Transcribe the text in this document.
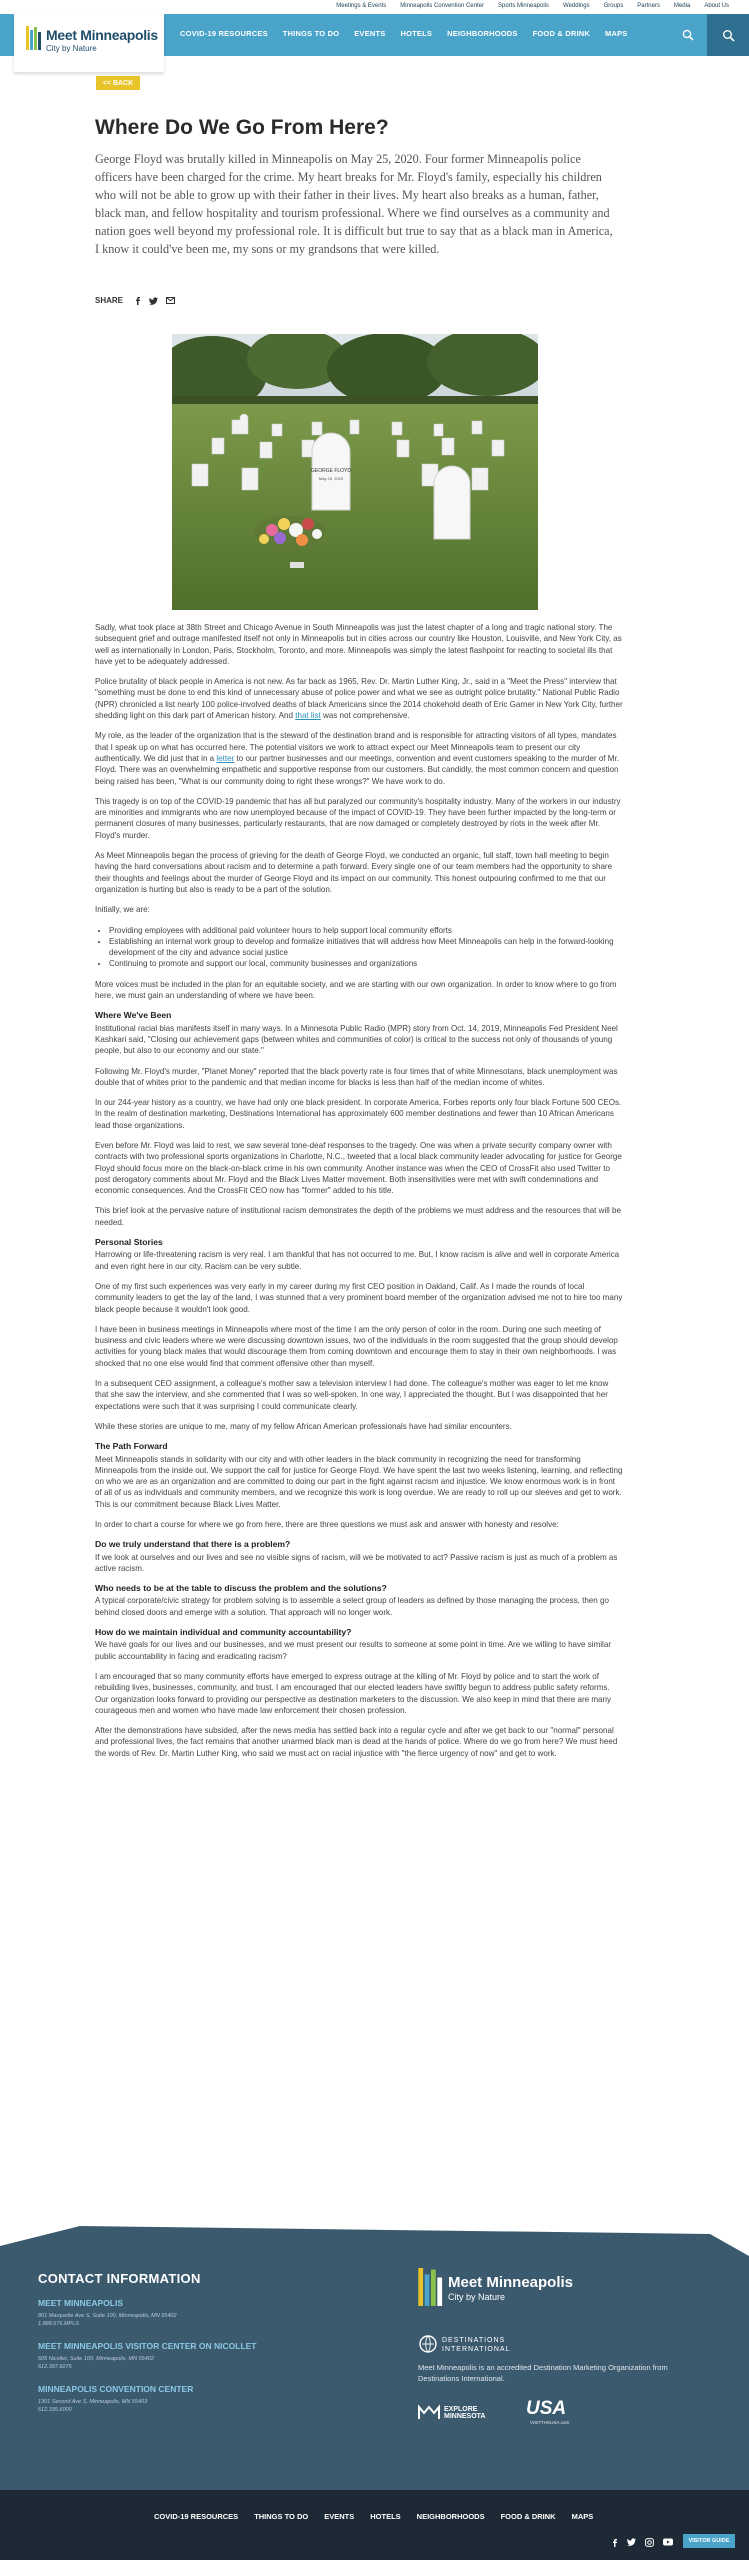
Meetings & Events Minneapolis Convention Center Sports Minneapolis Weddings Groups Partners Media About Us
Meet Minneapolis
City by Nature
COVID-19 RESOURCES THINGS TO DO EVENTS HOTELS NEIGHBORHOODS FOOD & DRINK MAPS
<< BACK
Where Do We Go From Here?

George Floyd was brutally killed in Minneapolis on May 25, 2020. Four former Minneapolis police officers have been charged for the crime. My heart breaks for Mr. Floyd's family, especially his children who will not be able to grow up with their father in their lives. My heart also breaks as a human, father, black man, and fellow hospitality and tourism professional. Where we find ourselves as a community and nation goes well beyond my professional role. It is difficult but true to say that as a black man in America, I know it could've been me, my sons or my grandsons that were killed.

SHARE
GEORGE FLOYD
May 25, 2020

Sadly, what took place at 38th Street and Chicago Avenue in South Minneapolis was just the latest chapter of a long and tragic national story. The subsequent grief and outrage manifested itself not only in Minneapolis but in cities across our country like Houston, Louisville, and New York City, as well as internationally in London, Paris, Stockholm, Toronto, and more. Minneapolis was simply the latest flashpoint for reacting to societal ills that have yet to be adequately addressed.

Police brutality of black people in America is not new. As far back as 1965, Rev. Dr. Martin Luther King, Jr., said in a "Meet the Press" interview that "something must be done to end this kind of unnecessary abuse of police power and what we see as outright police brutality." National Public Radio (NPR) chronicled a list nearly 100 police-involved deaths of black Americans since the 2014 chokehold death of Eric Garner in New York City, further shedding light on this dark part of American history. And that list was not comprehensive.

My role, as the leader of the organization that is the steward of the destination brand and is responsible for attracting visitors of all types, mandates that I speak up on what has occurred here. The potential visitors we work to attract expect our Meet Minneapolis team to present our city authentically. We did just that in a letter to our partner businesses and our meetings, convention and event customers speaking to the murder of Mr. Floyd. There was an overwhelming empathetic and supportive response from our customers. But candidly, the most common concern and question being raised has been, "What is our community doing to right these wrongs?" We have work to do.

This tragedy is on top of the COVID-19 pandemic that has all but paralyzed our community's hospitality industry. Many of the workers in our industry are minorities and immigrants who are now unemployed because of the impact of COVID-19. They have been further impacted by the long-term or permanent closures of many businesses, particularly restaurants, that are now damaged or completely destroyed by riots in the week after Mr. Floyd's murder.

As Meet Minneapolis began the process of grieving for the death of George Floyd, we conducted an organic, full staff, town hall meeting to begin having the hard conversations about racism and to determine a path forward. Every single one of our team members had the opportunity to share their thoughts and feelings about the murder of George Floyd and its impact on our community. This honest outpouring confirmed to me that our organization is hurting but also is ready to be a part of the solution.

Initially, we are:

• Providing employees with additional paid volunteer hours to help support local community efforts
• Establishing an internal work group to develop and formalize initiatives that will address how Meet Minneapolis can help in the forward-looking development of the city and advance social justice
• Continuing to promote and support our local, community businesses and organizations

More voices must be included in the plan for an equitable society, and we are starting with our own organization. In order to know where to go from here, we must gain an understanding of where we have been.

Where We've Been

Institutional racial bias manifests itself in many ways. In a Minnesota Public Radio (MPR) story from Oct. 14, 2019, Minneapolis Fed President Neel Kashkari said, "Closing our achievement gaps (between whites and communities of color) is critical to the success not only of thousands of young people, but also to our economy and our state."

Following Mr. Floyd's murder, "Planet Money" reported that the black poverty rate is four times that of white Minnesotans, black unemployment was double that of whites prior to the pandemic and that median income for blacks is less than half of the median income of whites.

In our 244-year history as a country, we have had only one black president. In corporate America, Forbes reports only four black Fortune 500 CEOs. In the realm of destination marketing, Destinations International has approximately 600 member destinations and fewer than 10 African Americans lead those organizations.

Even before Mr. Floyd was laid to rest, we saw several tone-deaf responses to the tragedy. One was when a private security company owner with contracts with two professional sports organizations in Charlotte, N.C., tweeted that a local black community leader advocating for justice for George Floyd should focus more on the black-on-black crime in his own community. Another instance was when the CEO of CrossFit also used Twitter to post derogatory comments about Mr. Floyd and the Black Lives Matter movement. Both insensitivities were met with swift condemnations and economic consequences. And the CrossFit CEO now has "former" added to his title.

This brief look at the pervasive nature of institutional racism demonstrates the depth of the problems we must address and the resources that will be needed.

Personal Stories

Harrowing or life-threatening racism is very real. I am thankful that has not occurred to me. But, I know racism is alive and well in corporate America and even right here in our city. Racism can be very subtle.

One of my first such experiences was very early in my career during my first CEO position in Oakland, Calif. As I made the rounds of local community leaders to get the lay of the land, I was stunned that a very prominent board member of the organization advised me not to hire too many black people because it wouldn't look good.

I have been in business meetings in Minneapolis where most of the time I am the only person of color in the room. During one such meeting of business and civic leaders where we were discussing downtown issues, two of the individuals in the room suggested that the group should develop activities for young black males that would discourage them from coming downtown and encourage them to stay in their own neighborhoods. I was shocked that no one else would find that comment offensive other than myself.

In a subsequent CEO assignment, a colleague's mother saw a television interview I had done. The colleague's mother was eager to let me know that she saw the interview, and she commented that I was so well-spoken. In one way, I appreciated the thought. But I was disappointed that her expectations were such that it was surprising I could communicate clearly.

While these stories are unique to me, many of my fellow African American professionals have had similar encounters.

The Path Forward

Meet Minneapolis stands in solidarity with our city and with other leaders in the black community in recognizing the need for transforming Minneapolis from the inside out. We support the call for justice for George Floyd. We have spent the last two weeks listening, learning, and reflecting on who we are as an organization and are committed to doing our part in the fight against racism and injustice. We know enormous work is in front of all of us as individuals and community members, and we recognize this work is long overdue. We are ready to roll up our sleeves and get to work. This is our commitment because Black Lives Matter.

In order to chart a course for where we go from here, there are three questions we must ask and answer with honesty and resolve:

Do we truly understand that there is a problem?

If we look at ourselves and our lives and see no visible signs of racism, will we be motivated to act? Passive racism is just as much of a problem as active racism.

Who needs to be at the table to discuss the problem and the solutions?

A typical corporate/civic strategy for problem solving is to assemble a select group of leaders as defined by those managing the process, then go behind closed doors and emerge with a solution. That approach will no longer work.

How do we maintain individual and community accountability?

We have goals for our lives and our businesses, and we must present our results to someone at some point in time. Are we willing to have similar public accountability in facing and eradicating racism?

I am encouraged that so many community efforts have emerged to express outrage at the killing of Mr. Floyd by police and to start the work of rebuilding lives, businesses, community, and trust. I am encouraged that our elected leaders have swiftly begun to address public safety reforms. Our organization looks forward to providing our perspective as destination marketers to the discussion. We also keep in mind that there are many courageous men and women who have made law enforcement their chosen profession.

After the demonstrations have subsided, after the news media has settled back into a regular cycle and after we get back to our "normal" personal and professional lives, the fact remains that another unarmed black man is dead at the hands of police. Where do we go from here? We must heed the words of Rev. Dr. Martin Luther King, who said we must act on racial injustice with "the fierce urgency of now" and get to work.

CONTACT INFORMATION
MEET MINNEAPOLIS
801 Marquette Ave S, Suite 100, Minneapolis, MN 55402
1.888.676.MPLS
MEET MINNEAPOLIS VISITOR CENTER ON NICOLLET
505 Nicollet, Suite 100, Minneapolis, MN 55402
612.397.9275
MINNEAPOLIS CONVENTION CENTER
1301 Second Ave S, Minneapolis, MN 55403
612.335.6000
Meet Minneapolis
City by Nature
DESTINATIONS
INTERNATIONAL
Meet Minneapolis is an accredited Destination Marketing Organization from Destinations International.
EXPLORE
MINNESOTA USA
VISITTHEUSA.com
COVID-19 RESOURCES THINGS TO DO EVENTS HOTELS NEIGHBORHOODS FOOD & DRINK MAPS
VISITOR GUIDE
